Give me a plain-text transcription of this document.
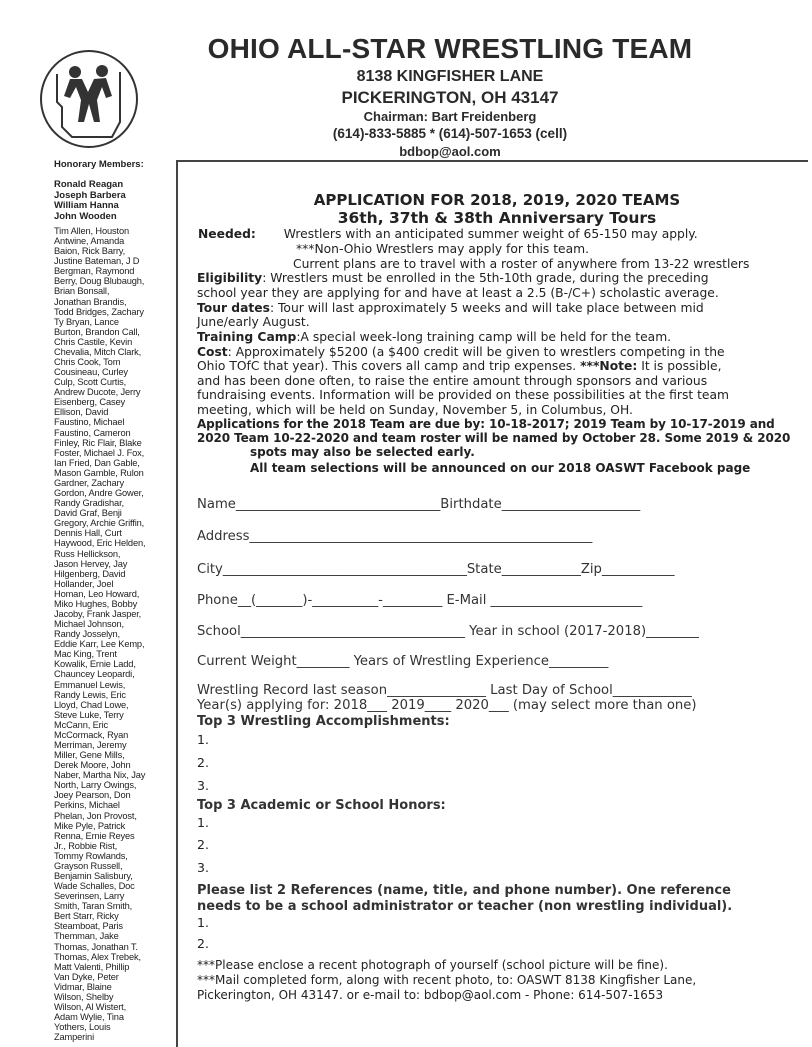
OHIO ALL-STAR WRESTLING TEAM
8138 KINGFISHER LANE
PICKERINGTON, OH 43147
Chairman: Bart Freidenberg
(614)-833-5885 * (614)-507-1653 (cell)
bdbop@aol.com
Honorary Members:
Ronald Reagan
Joseph Barbera
William Hanna
John Wooden
Tim Allen, Houston
Antwine, Amanda
Baion, Rick Barry,
Justine Bateman, J D
Bergman, Raymond
Berry, Doug Blubaugh,
Brian Bonsall,
Jonathan Brandis,
Todd Bridges, Zachary
Ty Bryan, Lance
Burton, Brandon Call,
Chris Castile, Kevin
Chevalia, Mitch Clark,
Chris Cook, Tom
Cousineau, Curley
Culp, Scott Curtis,
Andrew Ducote, Jerry
Eisenberg, Casey
Ellison, David
Faustino, Michael
Faustino, Cameron
Finley, Ric Flair, Blake
Foster, Michael J. Fox,
Ian Fried, Dan Gable,
Mason Gamble, Rulon
Gardner, Zachary
Gordon, Andre Gower,
Randy Gradishar,
David Graf, Benji
Gregory, Archie Griffin,
Dennis Hall, Curt
Haywood, Eric Helden,
Russ Hellickson,
Jason Hervey, Jay
Hilgenberg, David
Hollander, Joel
Homan, Leo Howard,
Miko Hughes, Bobby
Jacoby, Frank Jasper,
Michael Johnson,
Randy Josselyn,
Eddie Karr, Lee Kemp,
Mac King, Trent
Kowalik, Ernie Ladd,
Chauncey Leopardi,
Emmanuel Lewis,
Randy Lewis, Eric
Lloyd, Chad Lowe,
Steve Luke, Terry
McCann, Eric
McCormack, Ryan
Merriman, Jeremy
Miller, Gene Mills,
Derek Moore, John
Naber, Martha Nix, Jay
North, Larry Owings,
Joey Pearson, Don
Perkins, Michael
Phelan, Jon Provost,
Mike Pyle, Patrick
Renna, Ernie Reyes
Jr., Robbie Rist,
Tommy Rowlands,
Grayson Russell,
Benjamin Salisbury,
Wade Schalles, Doc
Severinsen, Larry
Smith, Taran Smith,
Bert Starr, Ricky
Steamboat, Paris
Themman, Jake
Thomas, Jonathan T.
Thomas, Alex Trebek,
Matt Valenti, Phillip
Van Dyke, Peter
Vidmar, Blaine
Wilson, Shelby
Wilson, Al Wistert,
Adam Wylie, Tina
Yothers, Louis
Zamperini
APPLICATION FOR 2018, 2019, 2020 TEAMS
36th, 37th & 38th Anniversary Tours
Needed: Wrestlers with an anticipated summer weight of 65-150 may apply.
***Non-Ohio Wrestlers may apply for this team.
Current plans are to travel with a roster of anywhere from 13-22 wrestlers
Eligibility: Wrestlers must be enrolled in the 5th-10th grade, during the preceding
school year they are applying for and have at least a 2.5 (B-/C+) scholastic average.
Tour dates: Tour will last approximately 5 weeks and will take place between mid
June/early August.
Training Camp:A special week-long training camp will be held for the team.
Cost: Approximately $5200 (a $400 credit will be given to wrestlers competing in the
Ohio TOfC that year). This covers all camp and trip expenses. ***Note: It is possible,
and has been done often, to raise the entire amount through sponsors and various
fundraising events. Information will be provided on these possibilities at the first team
meeting, which will be held on Sunday, November 5, in Columbus, OH.
Applications for the 2018 Team are due by: 10-18-2017; 2019 Team by 10-17-2019 and
2020 Team 10-22-2020 and team roster will be named by October 28. Some 2019 & 2020
spots may also be selected early.
All team selections will be announced on our 2018 OASWT Facebook page
Name_______________________________Birthdate_____________________
Address____________________________________________________
City_____________________________________State____________Zip___________
Phone__(_______)-__________-_________ E-Mail _______________________
School__________________________________ Year in school (2017-2018)________
Current Weight________ Years of Wrestling Experience_________
Wrestling Record last season_______________ Last Day of School____________
Year(s) applying for: 2018___ 2019____ 2020___ (may select more than one)
Top 3 Wrestling Accomplishments:
1.
2.
3.
Top 3 Academic or School Honors:
1.
2.
3.
Please list 2 References (name, title, and phone number). One reference
needs to be a school administrator or teacher (non wrestling individual).
1.
2.
***Please enclose a recent photograph of yourself (school picture will be fine).
***Mail completed form, along with recent photo, to: OASWT 8138 Kingfisher Lane,
Pickerington, OH 43147. or e-mail to: bdbop@aol.com - Phone: 614-507-1653
